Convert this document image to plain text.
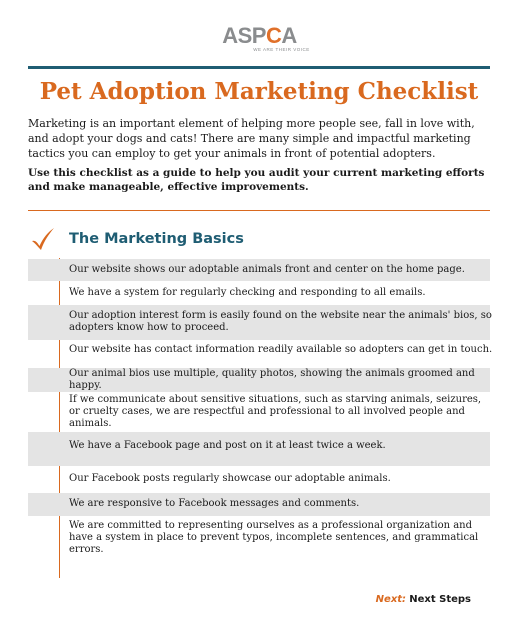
ASPCA
WE ARE THEIR VOICE
Pet Adoption Marketing Checklist

Marketing is an important element of helping more people see, fall in love with, and adopt your dogs and cats! There are many simple and impactful marketing tactics you can employ to get your animals in front of potential adopters.

Use this checklist as a guide to help you audit your current marketing efforts and make manageable, effective improvements.

The Marketing Basics

Our website shows our adoptable animals front and center on the home page.

We have a system for regularly checking and responding to all emails.

Our adoption interest form is easily found on the website near the animals' bios, so adopters know how to proceed.

Our website has contact information readily available so adopters can get in touch.

Our animal bios use multiple, quality photos, showing the animals groomed and happy.

If we communicate about sensitive situations, such as starving animals, seizures, or cruelty cases, we are respectful and professional to all involved people and animals.

We have a Facebook page and post on it at least twice a week.

Our Facebook posts regularly showcase our adoptable animals.

We are responsive to Facebook messages and comments.

We are committed to representing ourselves as a professional organization and have a system in place to prevent typos, incomplete sentences, and grammatical errors.

Next: Next Steps
